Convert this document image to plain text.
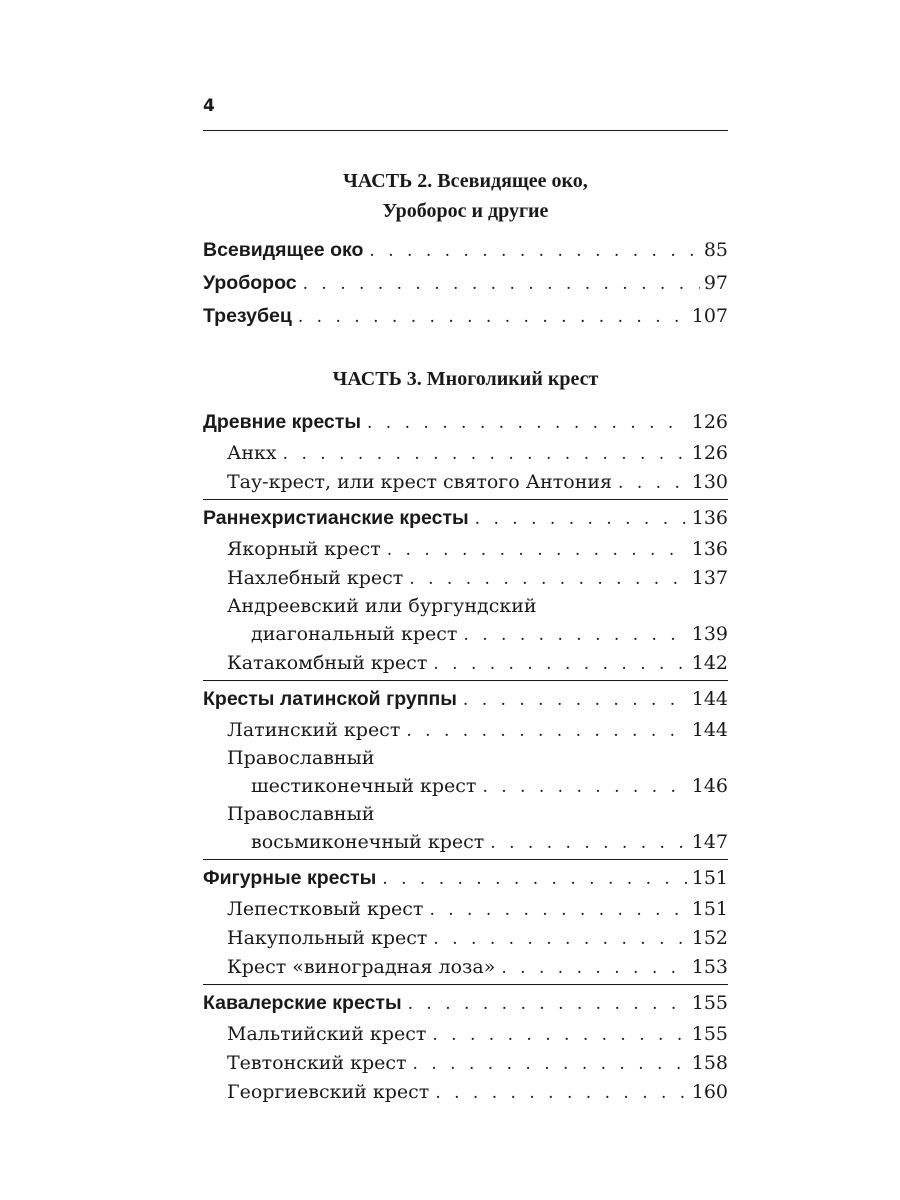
4
ЧАСТЬ 2. Всевидящее око,
Уроборос и другие
Всевидящее око . . .	85
Уроборос . . .	97
Трезубец . . .	107
ЧАСТЬ 3. Многоликий крест
Древние кресты . . .	126
Анкх . . .	126
Тау-крест, или крест святого Антония . . .	130
Раннехристианские кресты . . .	136
Якорный крест . . .	136
Нахлебный крест . . .	137
Андреевский или бургундский
диагональный крест . . .	139
Катакомбный крест . . .	142
Кресты латинской группы . . .	144
Латинский крест . . .	144
Православный
шестиконечный крест . . .	146
Православный
восьмиконечный крест . . .	147
Фигурные кресты . . .	151
Лепестковый крест . . .	151
Накупольный крест . . .	152
Крест «виноградная лоза» . . .	153
Кавалерские кресты . . .	155
Мальтийский крест . . .	155
Тевтонский крест . . .	158
Георгиевский крест . . .	160
